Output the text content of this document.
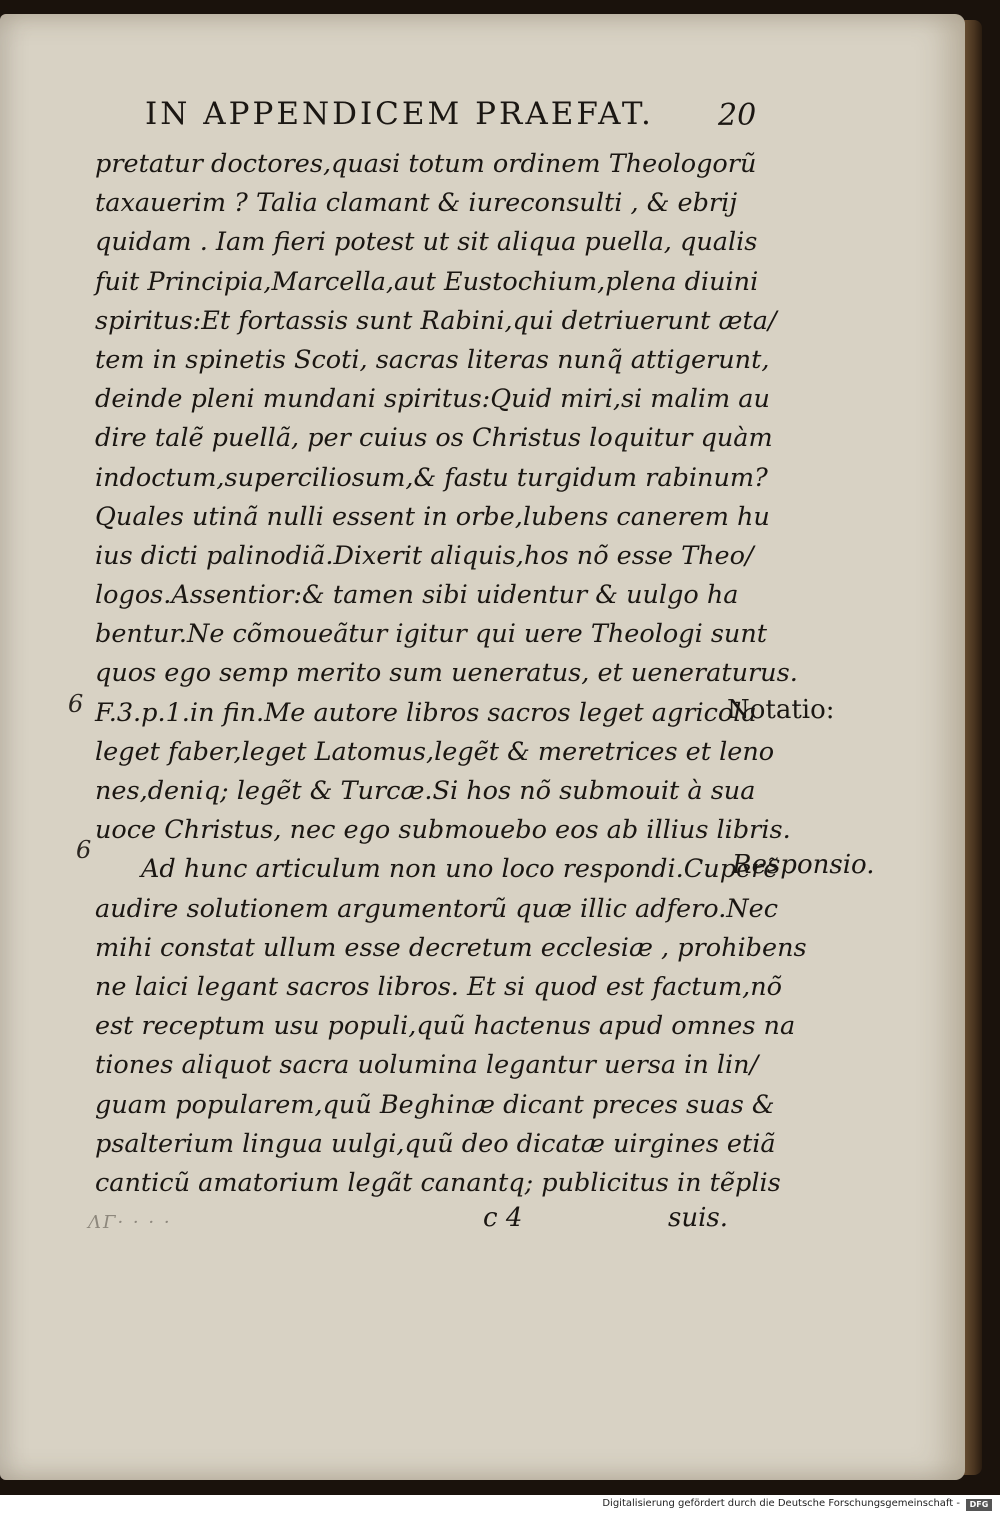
IN APPENDICEM PRAEFAT.	20
pretatur doctores,quasi totum ordinem Theologorũ
taxauerim ? Talia clamant & iureconsulti , & ebrij
quidam . Iam fieri potest ut sit aliqua puella, qualis
fuit Principia,Marcella,aut Eustochium,plena diuini
spiritus:Et fortassis sunt Rabini,qui detriuerunt æta/
tem in spinetis Scoti, sacras literas nunq̃ attigerunt,
deinde pleni mundani spiritus:Quid miri,si malim au
dire talẽ puellã, per cuius os Christus loquitur quàm
indoctum,superciliosum,& fastu turgidum rabinum?
Quales utinã nulli essent in orbe,lubens canerem hu
ius dicti palinodiã.Dixerit aliquis,hos nõ esse Theo/
logos.Assentior:& tamen sibi uidentur & uulgo ha
bentur.Ne cõmoueãtur igitur qui uere Theologi sunt
quos ego semp merito sum ueneratus, et ueneraturus.
F.3.p.1.in fin.Me autore libros sacros leget agricola
leget faber,leget Latomus,legẽt & meretrices et leno
nes,deniq; legẽt & Turcæ.Si hos nõ submouit à sua
uoce Christus, nec ego submouebo eos ab illius libris.
Ad hunc articulum non uno loco respondi.Cuperẽ
audire solutionem argumentorũ quæ illic adfero.Nec
mihi constat ullum esse decretum ecclesiæ , prohibens
ne laici legant sacros libros. Et si quod est factum,nõ
est receptum usu populi,quũ hactenus apud omnes na
tiones aliquot sacra uolumina legantur uersa in lin/
guam popularem,quũ Beghinæ dicant preces suas &
psalterium lingua uulgi,quũ deo dicatæ uirgines etiã
canticũ amatorium legãt canantq; publicitus in tẽplis
6
6
Notatio:
Responsio.
ΛΓ· · · ·	c 4	suis.
Digitalisierung gefördert durch die Deutsche Forschungsgemeinschaft -	DFG
